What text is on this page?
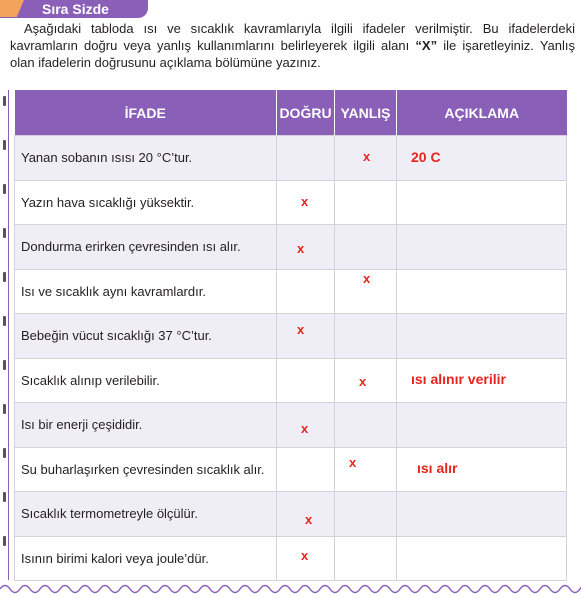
Sıra Sizde
Aşağıdaki tabloda ısı ve sıcaklık kavramlarıyla ilgili ifadeler verilmiştir. Bu ifadelerdeki kavramların doğru veya yanlış kullanımlarını belirleyerek ilgili alanı “X” ile işaretleyiniz. Yanlış olan ifadelerin doğrusunu açıklama bölümüne yazınız.
İFADE	DOĞRU	YANLIŞ	AÇIKLAMA
Yanan sobanın ısısı 20 °C’tur.		x	20 C

Yazın hava sıcaklığı yüksektir.	x		

Dondurma erirken çevresinden ısı alır.	x		

Isı ve sıcaklık aynı kavramlardır.		x	

Bebeğin vücut sıcaklığı 37 °C’tur.	x		

Sıcaklık alınıp verilebilir.		x	ısı alınır verilir

Isı bir enerji çeşididir.	x		

Su buharlaşırken çevresinden sıcaklık alır.		x	ısı alır

Sıcaklık termometreyle ölçülür.	x		

Isının birimi kalori veya joule’dür.	x		
